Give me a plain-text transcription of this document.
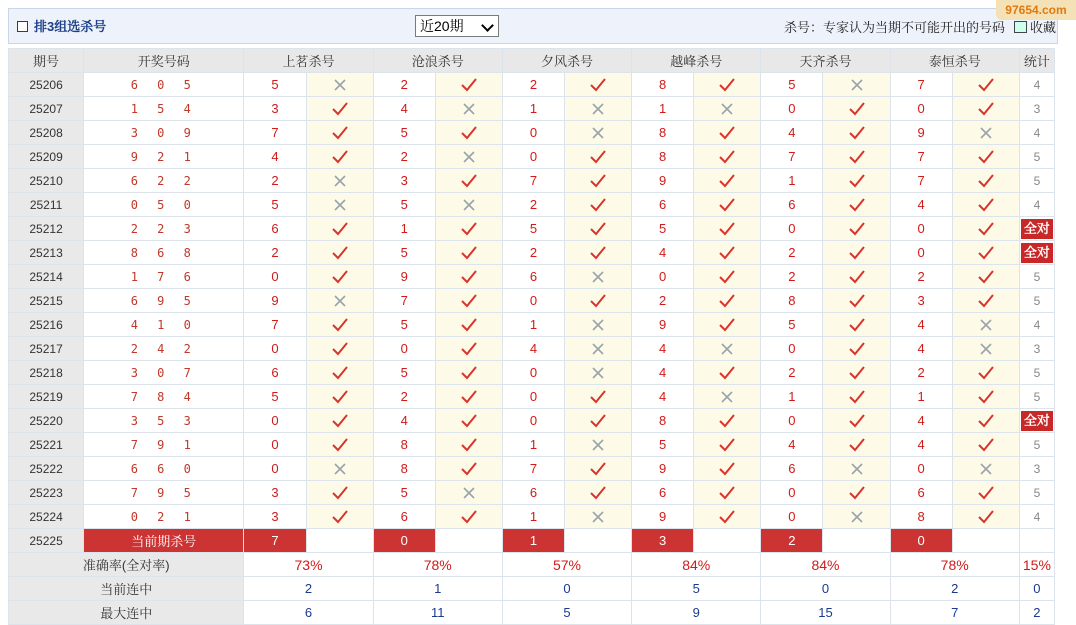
排3组选杀号	近20期	杀号：专家认为当期不可能开出的号码	收藏
97654.com
期号	开奖号码	上茗杀号		沧浪杀号		夕风杀号		越峰杀号		天齐杀号		泰恒杀号		统计
25206	6 0 5	5		2		2		8		5		7		4
25207	1 5 4	3		4		1		1		0		0		3
25208	3 0 9	7		5		0		8		4		9		4
25209	9 2 1	4		2		0		8		7		7		5
25210	6 2 2	2		3		7		9		1		7		5
25211	0 5 0	5		5		2		6		6		4		4
25212	2 2 3	6		1		5		5		0		0		全对
25213	8 6 8	2		5		2		4		2		0		全对
25214	1 7 6	0		9		6		0		2		2		5
25215	6 9 5	9		7		0		2		8		3		5
25216	4 1 0	7		5		1		9		5		4		4
25217	2 4 2	0		0		4		4		0		4		3
25218	3 0 7	6		5		0		4		2		2		5
25219	7 8 4	5		2		0		4		1		1		5
25220	3 5 3	0		4		0		8		0		4		全对
25221	7 9 1	0		8		1		5		4		4		5
25222	6 6 0	0		8		7		9		6		0		3
25223	7 9 5	3		5		6		6		0		6		5
25224	0 2 1	3		6		1		9		0		8		4
25225	当前期杀号	7		0		1		3		2		0		
准确率(全对率)		73%		78%		57%		84%		84%		78%		15%
当前连中		2		1		0		5		0		2		0
最大连中		6		11		5		9		15		7		2
